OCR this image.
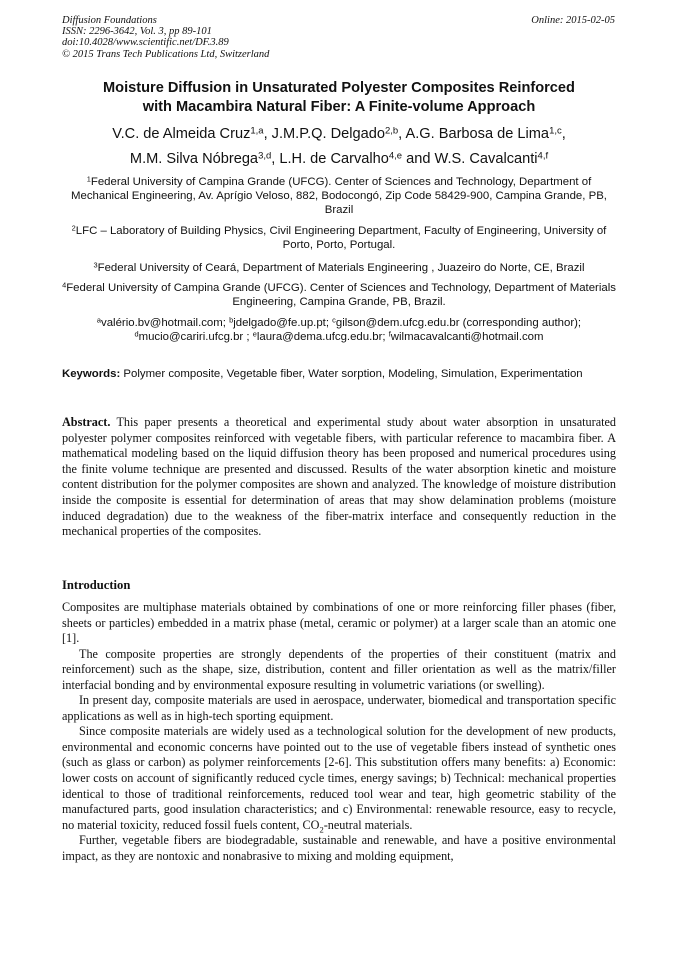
Diffusion Foundations
ISSN: 2296-3642, Vol. 3, pp 89-101
doi:10.4028/www.scientific.net/DF.3.89
© 2015 Trans Tech Publications Ltd, Switzerland
Online: 2015-02-05
Moisture Diffusion in Unsaturated Polyester Composites Reinforced
with Macambira Natural Fiber: A Finite-volume Approach
V.C. de Almeida Cruz$^{1,a}$, J.M.P.Q. Delgado$^{2,b}$, A.G. Barbosa de Lima$^{1,c}$,
M.M. Silva Nóbrega$^{3,d}$, L.H. de Carvalho$^{4,e}$ and W.S. Cavalcanti$^{4,f}$
$^1$Federal University of Campina Grande (UFCG). Center of Sciences and Technology, Department of Mechanical Engineering, Av. Aprígio Veloso, 882, Bodocongó, Zip Code 58429-900, Campina Grande, PB, Brazil
$^2$LFC – Laboratory of Building Physics, Civil Engineering Department, Faculty of Engineering, University of Porto, Porto, Portugal.
$^3$Federal University of Ceará, Department of Materials Engineering , Juazeiro do Norte, CE, Brazil
$^4$Federal University of Campina Grande (UFCG). Center of Sciences and Technology, Department of Materials Engineering, Campina Grande, PB, Brazil.
$^a$valério.bv@hotmail.com; $^b$jdelgado@fe.up.pt; $^c$gilson@dem.ufcg.edu.br (corresponding author);
$^d$mucio@cariri.ufcg.br ; $^e$laura@dema.ufcg.edu.br; $^f$wilmacavalcanti@hotmail.com
Keywords: Polymer composite, Vegetable fiber, Water sorption, Modeling, Simulation, Experimentation

Abstract. This paper presents a theoretical and experimental study about water absorption in unsaturated polyester polymer composites reinforced with vegetable fibers, with particular reference to macambira fiber. A mathematical modeling based on the liquid diffusion theory has been proposed and numerical procedures using the finite volume technique are presented and discussed. Results of the water absorption kinetic and moisture content distribution for the polymer composites are shown and analyzed. The knowledge of moisture distribution inside the composite is essential for determination of areas that may show delamination problems (moisture induced degradation) due to the weakness of the fiber-matrix interface and consequently reduction in the mechanical properties of the composites.

Introduction

Composites are multiphase materials obtained by combinations of one or more reinforcing filler phases (fiber, sheets or particles) embedded in a matrix phase (metal, ceramic or polymer) at a larger scale than an atomic one [1].

The composite properties are strongly dependents of the properties of their constituent (matrix and reinforcement) such as the shape, size, distribution, content and filler orientation as well as the matrix/filler interfacial bonding and by environmental exposure resulting in volumetric variations (or swelling).

In present day, composite materials are used in aerospace, underwater, biomedical and transportation specific applications as well as in high-tech sporting equipment.

Since composite materials are widely used as a technological solution for the development of new products, environmental and economic concerns have pointed out to the use of vegetable fibers instead of synthetic ones (such as glass or carbon) as polymer reinforcements [2-6]. This substitution offers many benefits: a) Economic: lower costs on account of significantly reduced cycle times, energy savings; b) Technical: mechanical properties identical to those of traditional reinforcements, reduced tool wear and tear, high geometric stability of the manufactured parts, good insulation characteristics; and c) Environmental: renewable resource, easy to recycle, no material toxicity, reduced fossil fuels content, $CO_2$-neutral materials.

Further, vegetable fibers are biodegradable, sustainable and renewable, and have a positive environmental impact, as they are nontoxic and nonabrasive to mixing and molding equipment,
